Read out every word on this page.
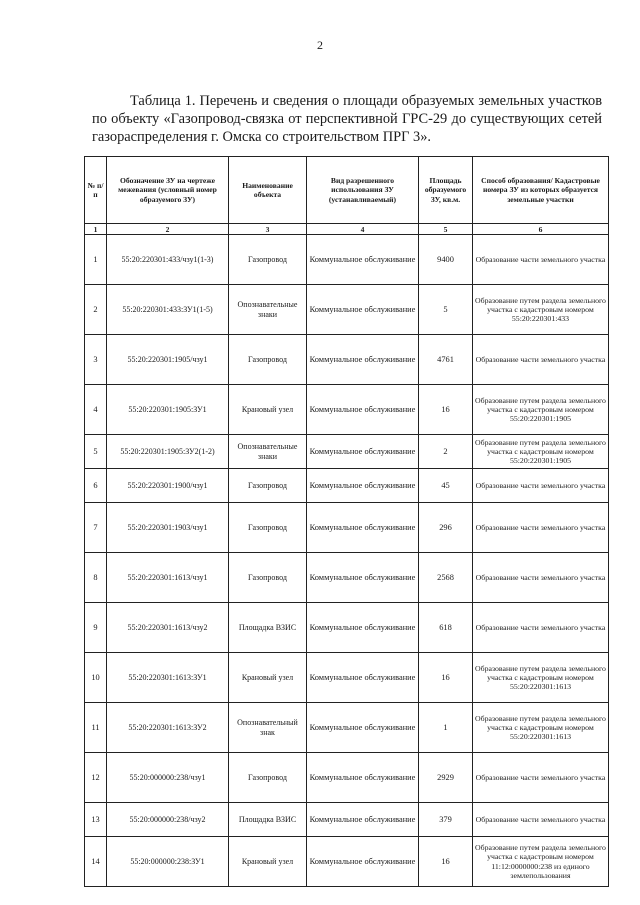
2

Таблица 1. Перечень и сведения о площади образуемых земельных участков по объекту «Газопровод-связка от перспективной ГРС-29 до существующих сетей газораспределения г. Омска со строительством ПРГ 3».

№ п/п	Обозначение ЗУ на чертеже межевания (условный номер образуемого ЗУ)	Наименование объекта	Вид разрешенного использования ЗУ (устанавливаемый)	Площадь образуемого ЗУ, кв.м.	Способ образования/ Кадастровые номера ЗУ из которых образуется земельные участки
1	2	3	4	5	6
1	55:20:220301:433/чзу1(1-3)	Газопровод	Коммунальное обслуживание	9400	Образование части земельного участка
2	55:20:220301:433:ЗУ1(1-5)	Опознавательные знаки	Коммунальное обслуживание	5	Образование путем раздела земельного участка с кадастровым номером 55:20:220301:433
3	55:20:220301:1905/чзу1	Газопровод	Коммунальное обслуживание	4761	Образование части земельного участка
4	55:20:220301:1905:ЗУ1	Крановый узел	Коммунальное обслуживание	16	Образование путем раздела земельного участка с кадастровым номером 55:20:220301:1905
5	55:20:220301:1905:ЗУ2(1-2)	Опознавательные знаки	Коммунальное обслуживание	2	Образование путем раздела земельного участка с кадастровым номером 55:20:220301:1905
6	55:20:220301:1900/чзу1	Газопровод	Коммунальное обслуживание	45	Образование части земельного участка
7	55:20:220301:1903/чзу1	Газопровод	Коммунальное обслуживание	296	Образование части земельного участка
8	55:20:220301:1613/чзу1	Газопровод	Коммунальное обслуживание	2568	Образование части земельного участка
9	55:20:220301:1613/чзу2	Площадка ВЗИС	Коммунальное обслуживание	618	Образование части земельного участка
10	55:20:220301:1613:ЗУ1	Крановый узел	Коммунальное обслуживание	16	Образование путем раздела земельного участка с кадастровым номером 55:20:220301:1613
11	55:20:220301:1613:ЗУ2	Опознавательный знак	Коммунальное обслуживание	1	Образование путем раздела земельного участка с кадастровым номером 55:20:220301:1613
12	55:20:000000:238/чзу1	Газопровод	Коммунальное обслуживание	2929	Образование части земельного участка
13	55:20:000000:238/чзу2	Площадка ВЗИС	Коммунальное обслуживание	379	Образование части земельного участка
14	55:20:000000:238:ЗУ1	Крановый узел	Коммунальное обслуживание	16	Образование путем раздела земельного участка с кадастровым номером 11:12:0000000:238 из единого землепользования
